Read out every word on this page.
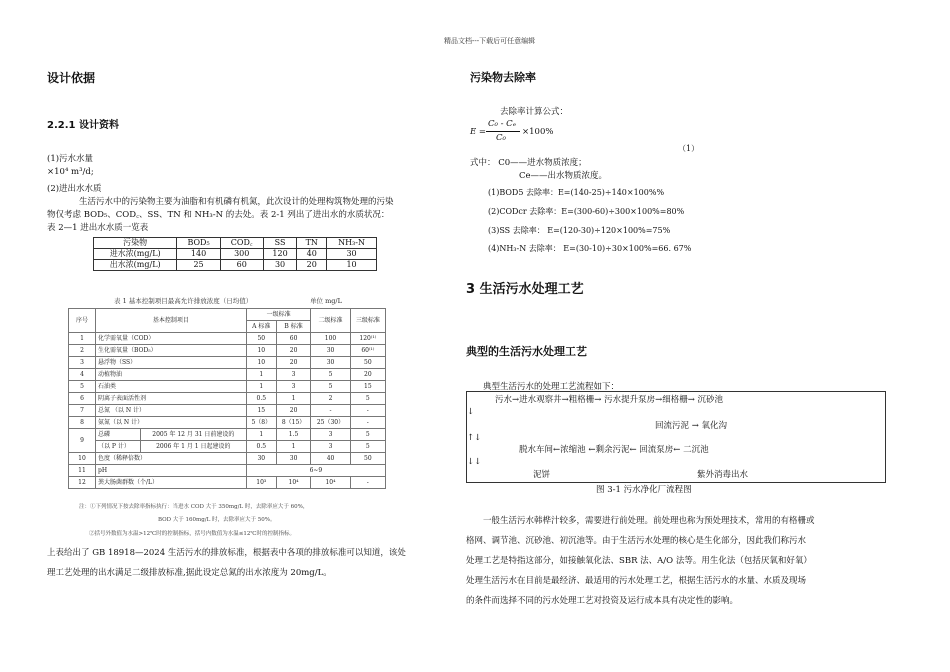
精品文档---下载后可任意编辑
设计依据
2.2.1 设计资料
(1)污水水量
×10⁴ m³/d;
(2)进出水水质
生活污水中的污染物主要为油脂和有机磷有机氮，此次设计的处理构筑物处理的污染
物仅考虑 BOD₅、COD꜀、SS、TN 和 NH₃-N 的去处。表 2-1 列出了进出水的水质状况：
表 2—1 进出水水质一览表
污染物	BOD₅	COD꜀	SS	TN	NH₃-N
进水浓(mg/L)	140	300	120	40	30
出水浓(mg/L)	25	60	30	20	10
表 1 基本控制项目最高允许排放浓度（日均值）	单位 mg/L
序号	基本控制项目		一级标准		二级标准	三级标准
			A 标准	B 标准		
1	化学需氧量（COD）		50	60	100	120⁽¹⁾
2	生化需氧量（BOD₅）		10	20	30	60⁽¹⁾
3	悬浮物（SS）		10	20	30	50
4	动植物油		1	3	5	20
5	石油类		1	3	5	15
6	阴离子表面活性剂		0.5	1	2	5
7	总氮 （以 N 计）		15	20	-	-
8	氨氮（以 N 计）		5（8）	8（15）	25（30）	-
9	总磷	2005 年 12 月 31 日前建设的	1	1.5	3	5
	（以 P 计）	2006 年 1 月 1 日起建设的	0.5	1	3	5
10	色度（稀释倍数）		30	30	40	50
11	pH		6~9			
12	粪大肠菌群数（个/L）		10³	10⁴	10⁴	-
注：①下列情况下按去除率指标执行：当进水 COD 大于 350mg/L 时，去除率应大于 60%，
BOD 大于 160mg/L 时，去除率应大于 50%。
②括号外数值为水温>12℃时的控制指标，括号内数值为水温≤12℃时的控制指标。
上表给出了 GB 18918—2024 生活污水的排放标准，根据表中各项的排放标准可以知道，该处
理工艺处理的出水满足二级排放标准,据此设定总氮的出水浓度为 20mg/L。
污染物去除率
去除率计算公式：
E =
C₀ - Cₑ
C₀
×100%
（1）
式中： C0——进水物质浓度；
Ce——出水物质浓度。
(1)BOD5 去除率：E=(140-25)÷140×100%%
(2)CODcr 去除率：E=(300-60)÷300×100%=80%
(3)SS 去除率： E=(120-30)÷120×100%=75%
(4)NH₃-N 去除率： E=(30-10)÷30×100%=66. 67%
3 生活污水处理工艺
典型的生活污水处理工艺
典型生活污水的处理工艺流程如下：
污水→进水观察井→粗格栅→ 污水提升泵房→细格栅→ 沉砂池
↓
回流污泥 → 氧化沟
↑↓
脱水车间←浓缩池 ←剩余污泥← 回流泵房← 二沉池
↓↓
泥饼	紫外消毒出水
图 3-1 污水净化厂流程图
一般生活污水韩桦汁较多，需要进行前处理。前处理也称为预处理技术，常用的有格栅或
格网、调节池、沉砂池、初沉池等。由于生活污水处理的核心是生化部分，因此我们称污水
处理工艺是特指这部分，如接触氧化法、SBR 法、A/O 法等。用生化法（包括厌氧和好氧）
处理生活污水在目前是最经济、最适用的污水处理工艺，根据生活污水的水量、水质及现场
的条件而选择不同的污水处理工艺对投资及运行成本具有决定性的影响。
